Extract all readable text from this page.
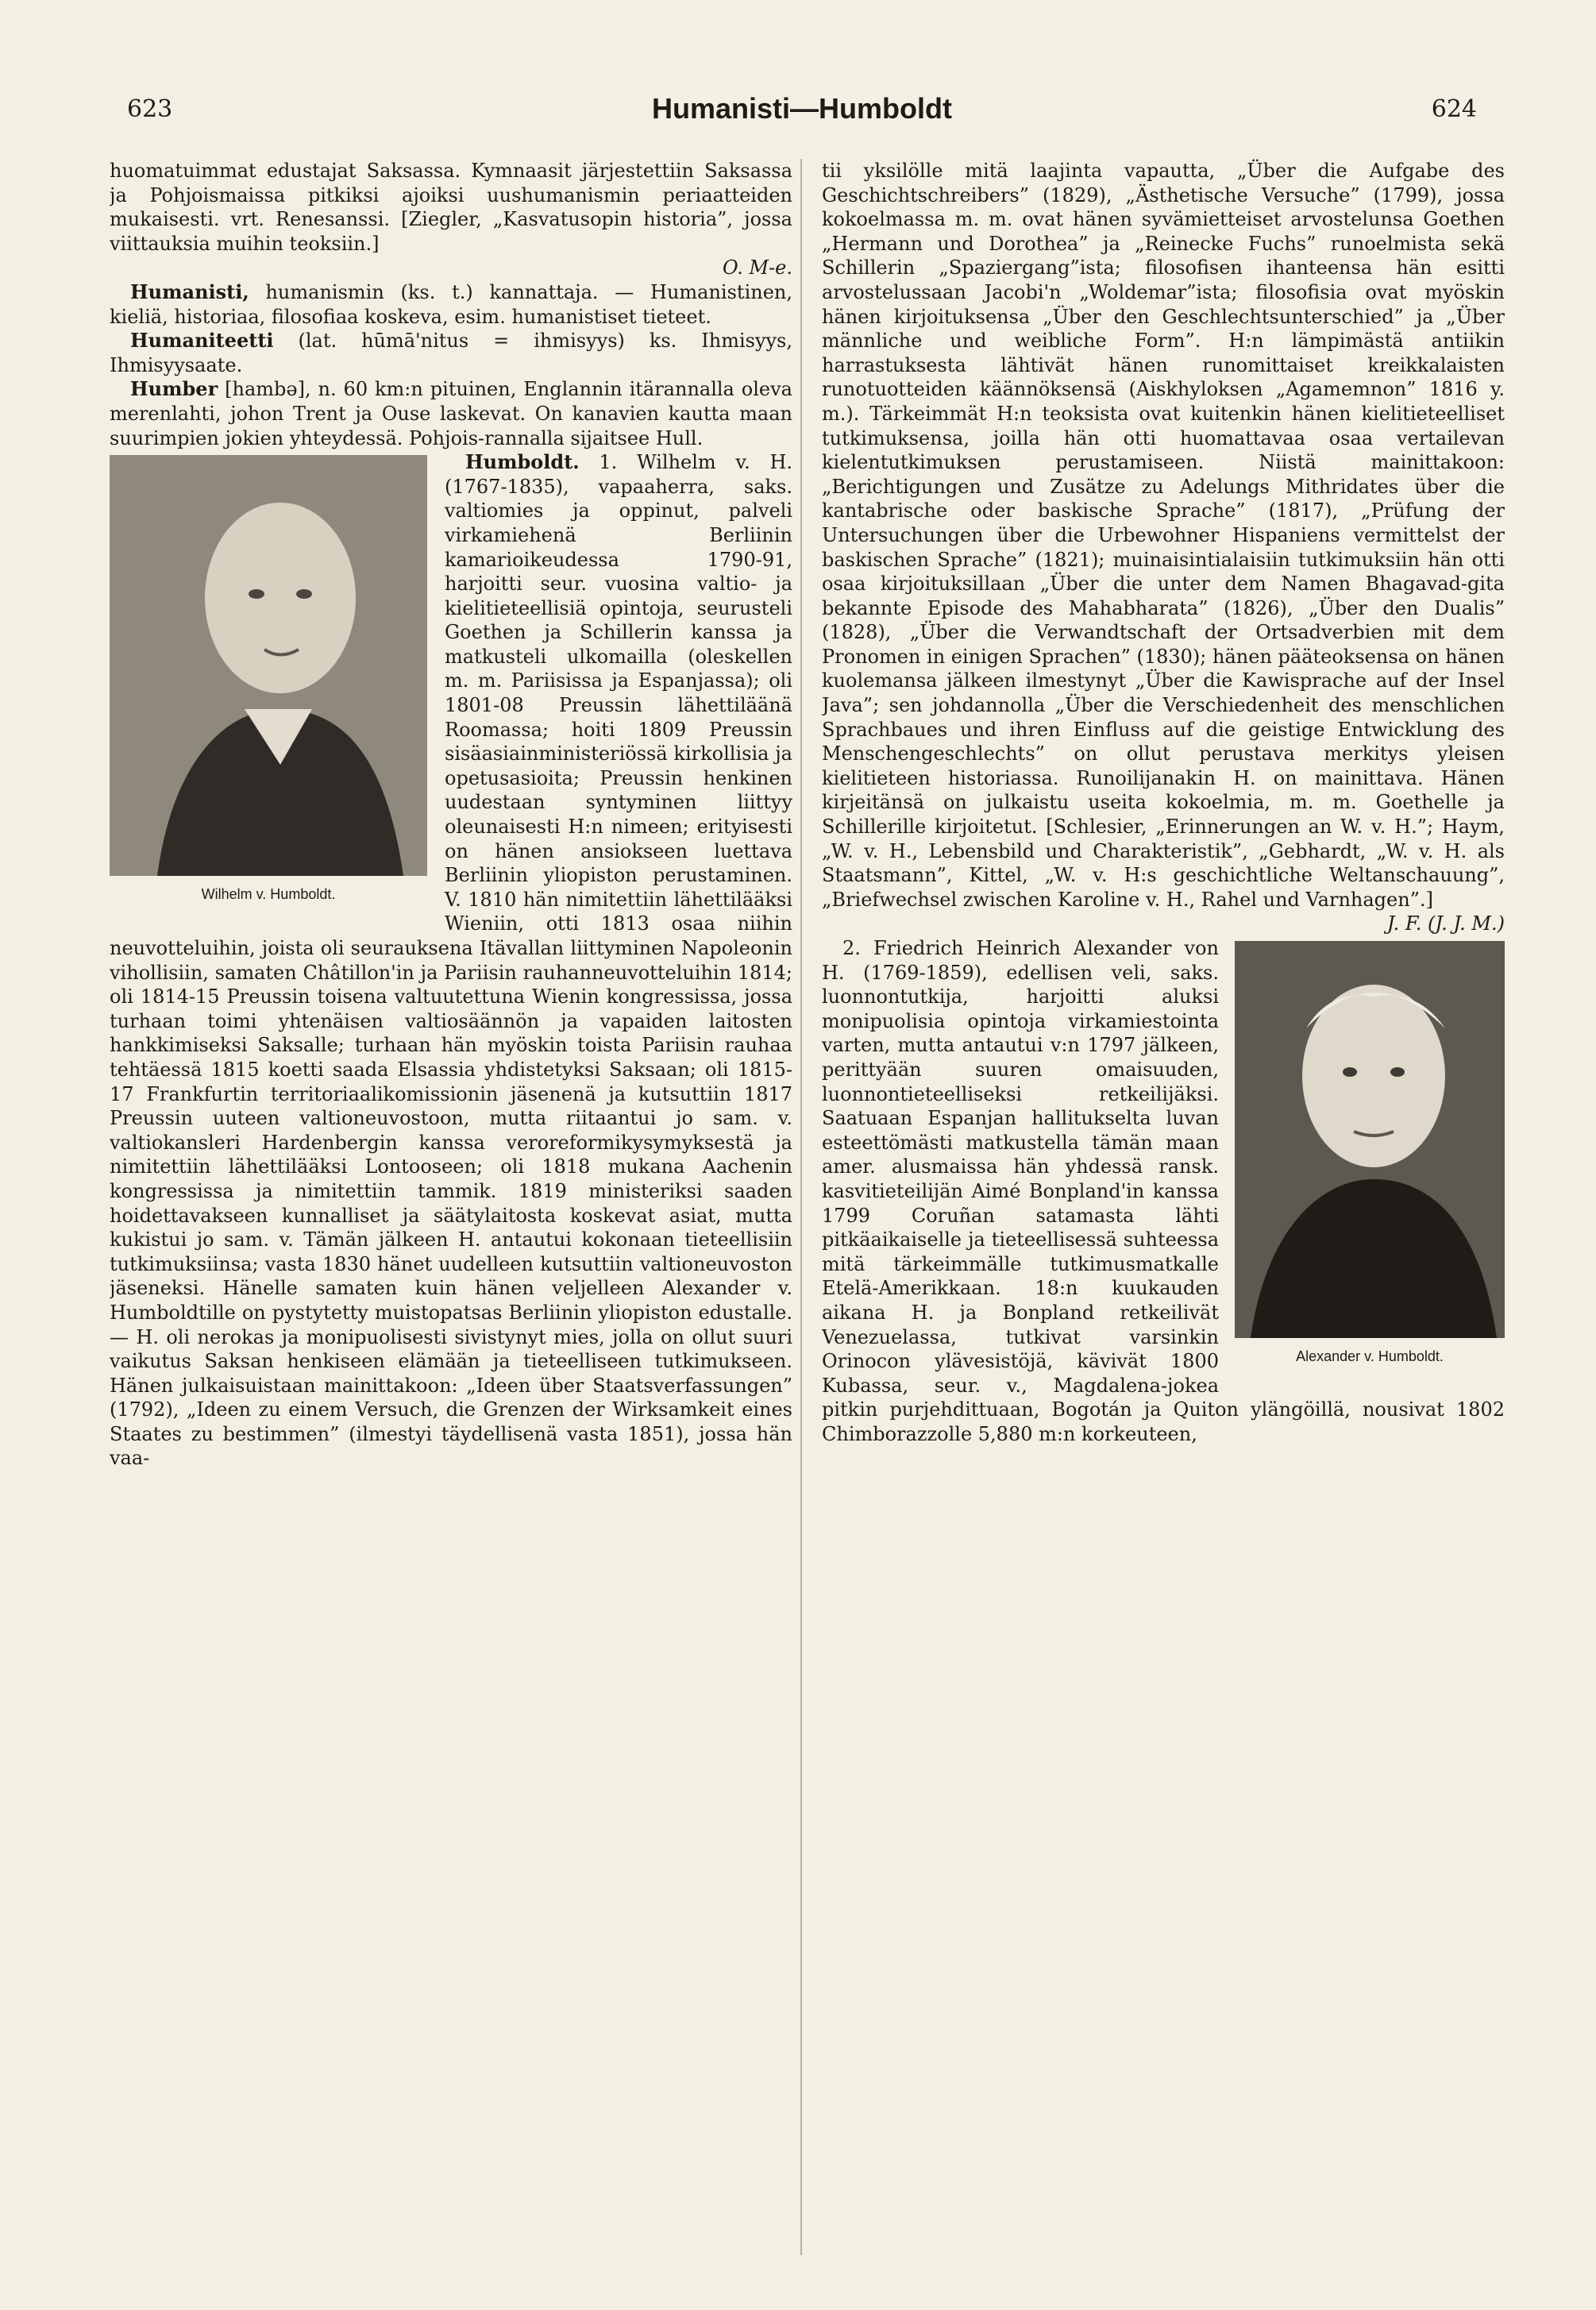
623	Humanisti—Humboldt	624

huomatuimmat edustajat Saksassa. Kymnaasit järjestettiin Saksassa ja Pohjoismaissa pitkiksi ajoiksi uushumanismin periaatteiden mukaisesti. vrt. Renesanssi. [Ziegler, „Kasvatusopin historia”, jossa viittauksia muihin teoksiin.]

O. M-e.

Humanisti, humanismin (ks. t.) kannattaja. — Humanistinen, kieliä, historiaa, filosofiaa koskeva, esim. humanistiset tieteet.

Humaniteetti (lat. hūmā'nitus = ihmisyys) ks. Ihmisyys, Ihmisyysaate.

Humber [hambə], n. 60 km:n pituinen, Englannin itärannalla oleva merenlahti, johon Trent ja Ouse laskevat. On kanavien kautta maan suurimpien jokien yhteydessä. Pohjois-rannalla sijaitsee Hull.

Wilhelm v. Humboldt.

Humboldt. 1. Wilhelm v. H. (1767-1835), vapaaherra, saks. valtiomies ja oppinut, palveli virkamiehenä Berliinin kamarioikeudessa 1790-91, harjoitti seur. vuosina valtio- ja kielitieteellisiä opintoja, seurusteli Goethen ja Schillerin kanssa ja matkusteli ulkomailla (oleskellen m. m. Pariisissa ja Espanjassa); oli 1801-08 Preussin lähettiläänä Roomassa; hoiti 1809 Preussin sisäasiainministeriössä kirkollisia ja opetusasioita; Preussin henkinen uudestaan syntyminen liittyy oleunaisesti H:n nimeen; erityisesti on hänen ansiokseen luettava Berliinin yliopiston perustaminen. V. 1810 hän nimitettiin lähettilääksi Wieniin, otti 1813 osaa niihin neuvotteluihin, joista oli seurauksena Itävallan liittyminen Napoleonin vihollisiin, samaten Châtillon'in ja Pariisin rauhanneuvotteluihin 1814; oli 1814-15 Preussin toisena valtuutettuna Wienin kongressissa, jossa turhaan toimi yhtenäisen valtiosäännön ja vapaiden laitosten hankkimiseksi Saksalle; turhaan hän myöskin toista Pariisin rauhaa tehtäessä 1815 koetti saada Elsassia yhdistetyksi Saksaan; oli 1815-17 Frankfurtin territoriaalikomissionin jäsenenä ja kutsuttiin 1817 Preussin uuteen valtioneuvostoon, mutta riitaantui jo sam. v. valtiokansleri Hardenbergin kanssa veroreformikysymyksestä ja nimitettiin lähettilääksi Lontooseen; oli 1818 mukana Aachenin kongressissa ja nimitettiin tammik. 1819 ministeriksi saaden hoidettavakseen kunnalliset ja säätylaitosta koskevat asiat, mutta kukistui jo sam. v. Tämän jälkeen H. antautui kokonaan tieteellisiin tutkimuksiinsa; vasta 1830 hänet uudelleen kutsuttiin valtioneuvoston jäseneksi. Hänelle samaten kuin hänen veljelleen Alexander v. Humboldtille on pystytetty muistopatsas Berliinin yliopiston edustalle. — H. oli nerokas ja monipuolisesti sivistynyt mies, jolla on ollut suuri vaikutus Saksan henkiseen elämään ja tieteelliseen tutkimukseen. Hänen julkaisuistaan mainittakoon: „Ideen über Staatsverfassungen” (1792), „Ideen zu einem Versuch, die Grenzen der Wirksamkeit eines Staates zu bestimmen” (ilmestyi täydellisenä vasta 1851), jossa hän vaa-

tii yksilölle mitä laajinta vapautta, „Über die Aufgabe des Geschichtschreibers” (1829), „Ästhetische Versuche” (1799), jossa kokoelmassa m. m. ovat hänen syvämietteiset arvostelunsa Goethen „Hermann und Dorothea” ja „Reinecke Fuchs” runoelmista sekä Schillerin „Spaziergang”ista; filosofisen ihanteensa hän esitti arvostelussaan Jacobi'n „Woldemar”ista; filosofisia ovat myöskin hänen kirjoituksensa „Über den Geschlechtsunterschied” ja „Über männliche und weibliche Form”. H:n lämpimästä antiikin harrastuksesta lähtivät hänen runomittaiset kreikkalaisten runotuotteiden käännöksensä (Aiskhyloksen „Agamemnon” 1816 y. m.). Tärkeimmät H:n teoksista ovat kuitenkin hänen kielitieteelliset tutkimuksensa, joilla hän otti huomattavaa osaa vertailevan kielentutkimuksen perustamiseen. Niistä mainittakoon: „Berichtigungen und Zusätze zu Adelungs Mithridates über die kantabrische oder baskische Sprache” (1817), „Prüfung der Untersuchungen über die Urbewohner Hispaniens vermittelst der baskischen Sprache” (1821); muinaisintialaisiin tutkimuksiin hän otti osaa kirjoituksillaan „Über die unter dem Namen Bhagavad-gita bekannte Episode des Mahabharata” (1826), „Über den Dualis” (1828), „Über die Verwandtschaft der Ortsadverbien mit dem Pronomen in einigen Sprachen” (1830); hänen pääteoksensa on hänen kuolemansa jälkeen ilmestynyt „Über die Kawisprache auf der Insel Java”; sen johdannolla „Über die Verschiedenheit des menschlichen Sprachbaues und ihren Einfluss auf die geistige Entwicklung des Menschengeschlechts” on ollut perustava merkitys yleisen kielitieteen historiassa. Runoilijanakin H. on mainittava. Hänen kirjeitänsä on julkaistu useita kokoelmia, m. m. Goethelle ja Schillerille kirjoitetut. [Schlesier, „Erinnerungen an W. v. H.”; Haym, „W. v. H., Lebensbild und Charakteristik”, „Gebhardt, „W. v. H. als Staatsmann”, Kittel, „W. v. H:s geschichtliche Weltanschauung”, „Briefwechsel zwischen Karoline v. H., Rahel und Varnhagen”.]

J. F. (J. J. M.)

Alexander v. Humboldt.

2. Friedrich Heinrich Alexander von H. (1769-1859), edellisen veli, saks. luonnontutkija, harjoitti aluksi monipuolisia opintoja virkamiestointa varten, mutta antautui v:n 1797 jälkeen, perittyään suuren omaisuuden, luonnontieteelliseksi retkeilijäksi. Saatuaan Espanjan hallitukselta luvan esteettömästi matkustella tämän maan amer. alusmaissa hän yhdessä ransk. kasvitieteilijän Aimé Bonpland'in kanssa 1799 Coruñan satamasta lähti pitkäaikaiselle ja tieteellisessä suhteessa mitä tärkeimmälle tutkimusmatkalle Etelä-Amerikkaan. 18:n kuukauden aikana H. ja Bonpland retkeilivät Venezuelassa, tutkivat varsinkin Orinocon ylävesistöjä, kävivät 1800 Kubassa, seur. v., Magdalena-jokea pitkin purjehdittuaan, Bogotán ja Quiton ylängöillä, nousivat 1802 Chimborazzolle 5,880 m:n korkeuteen,
